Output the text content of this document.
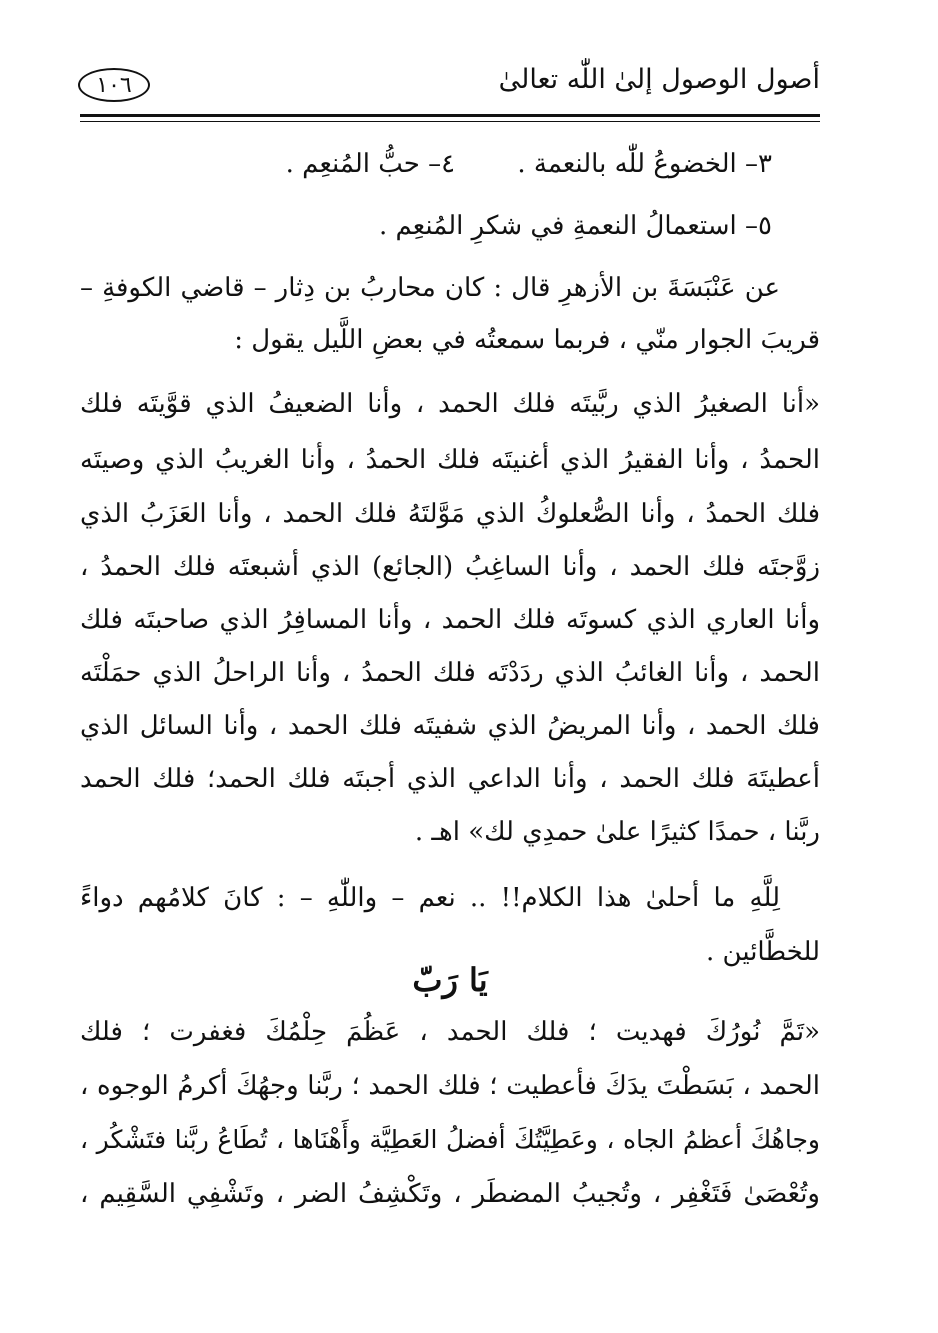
أصول الوصول إلىٰ اللّٰه تعالىٰ
١٠٦
٣– الخضوعُ للّٰه بالنعمة . ٤– حبُّ المُنعِم .
٥– استعمالُ النعمةِ في شكرِ المُنعِم .
عن عَنْبَسَةَ بن الأزهرِ قال : كان محاربُ بن دِثار – قاضي الكوفةِ –
قريبَ الجوار منّي ، فربما سمعتُه في بعضِ اللَّيل يقول :
«أنا الصغيرُ الذي ربَّيتَه فلك الحمد ، وأنا الضعيفُ الذي قوَّيتَه فلك
الحمدُ ، وأنا الفقيرُ الذي أغنيتَه فلك الحمدُ ، وأنا الغريبُ الذي وصيتَه
فلك الحمدُ ، وأنا الصُّعلوكُ الذي مَوَّلتَهُ فلك الحمد ، وأنا العَزَبُ الذي
زوَّجتَه فلك الحمد ، وأنا الساغِبُ (الجائع) الذي أشبعتَه فلك الحمدُ ،
وأنا العاري الذي كسوتَه فلك الحمد ، وأنا المسافِرُ الذي صاحبتَه فلك
الحمد ، وأنا الغائبُ الذي ردَدْتَه فلك الحمدُ ، وأنا الراحلُ الذي حمَلْتَه
فلك الحمد ، وأنا المريضُ الذي شفيتَه فلك الحمد ، وأنا السائل الذي
أعطيتَهَ فلك الحمد ، وأنا الداعي الذي أجبتَه فلك الحمد؛ فلك الحمد
ربَّنا ، حمدًا كثيرًا علىٰ حمدِي لك» اهـ .
لِلَّهِ ما أحلىٰ هذا الكلام!! .. نعم – واللّٰهِ – : كانَ كلامُهم دواءً
للخطَّائين .
يَا رَبّ
«تَمَّ نُورُكَ فهديت ؛ فلك الحمد ، عَظُمَ حِلْمُكَ فغفرت ؛ فلك
الحمد ، بَسَطْتَ يدَكَ فأعطيت ؛ فلك الحمد ؛ ربَّنا وجهُكَ أكرمُ الوجوه ،
وجاهُكَ أعظمُ الجاه ، وعَطِيَّتُكَ أفضلُ العَطِيَّة وأَهْنَاها ، تُطَاعُ ربَّنا فتَشْكُر ،
وتُعْصَىٰ فَتَغْفِر ، وتُجيبُ المضطَر ، وتَكْشِفُ الضر ، وتَشْفِي السَّقِيم ،
